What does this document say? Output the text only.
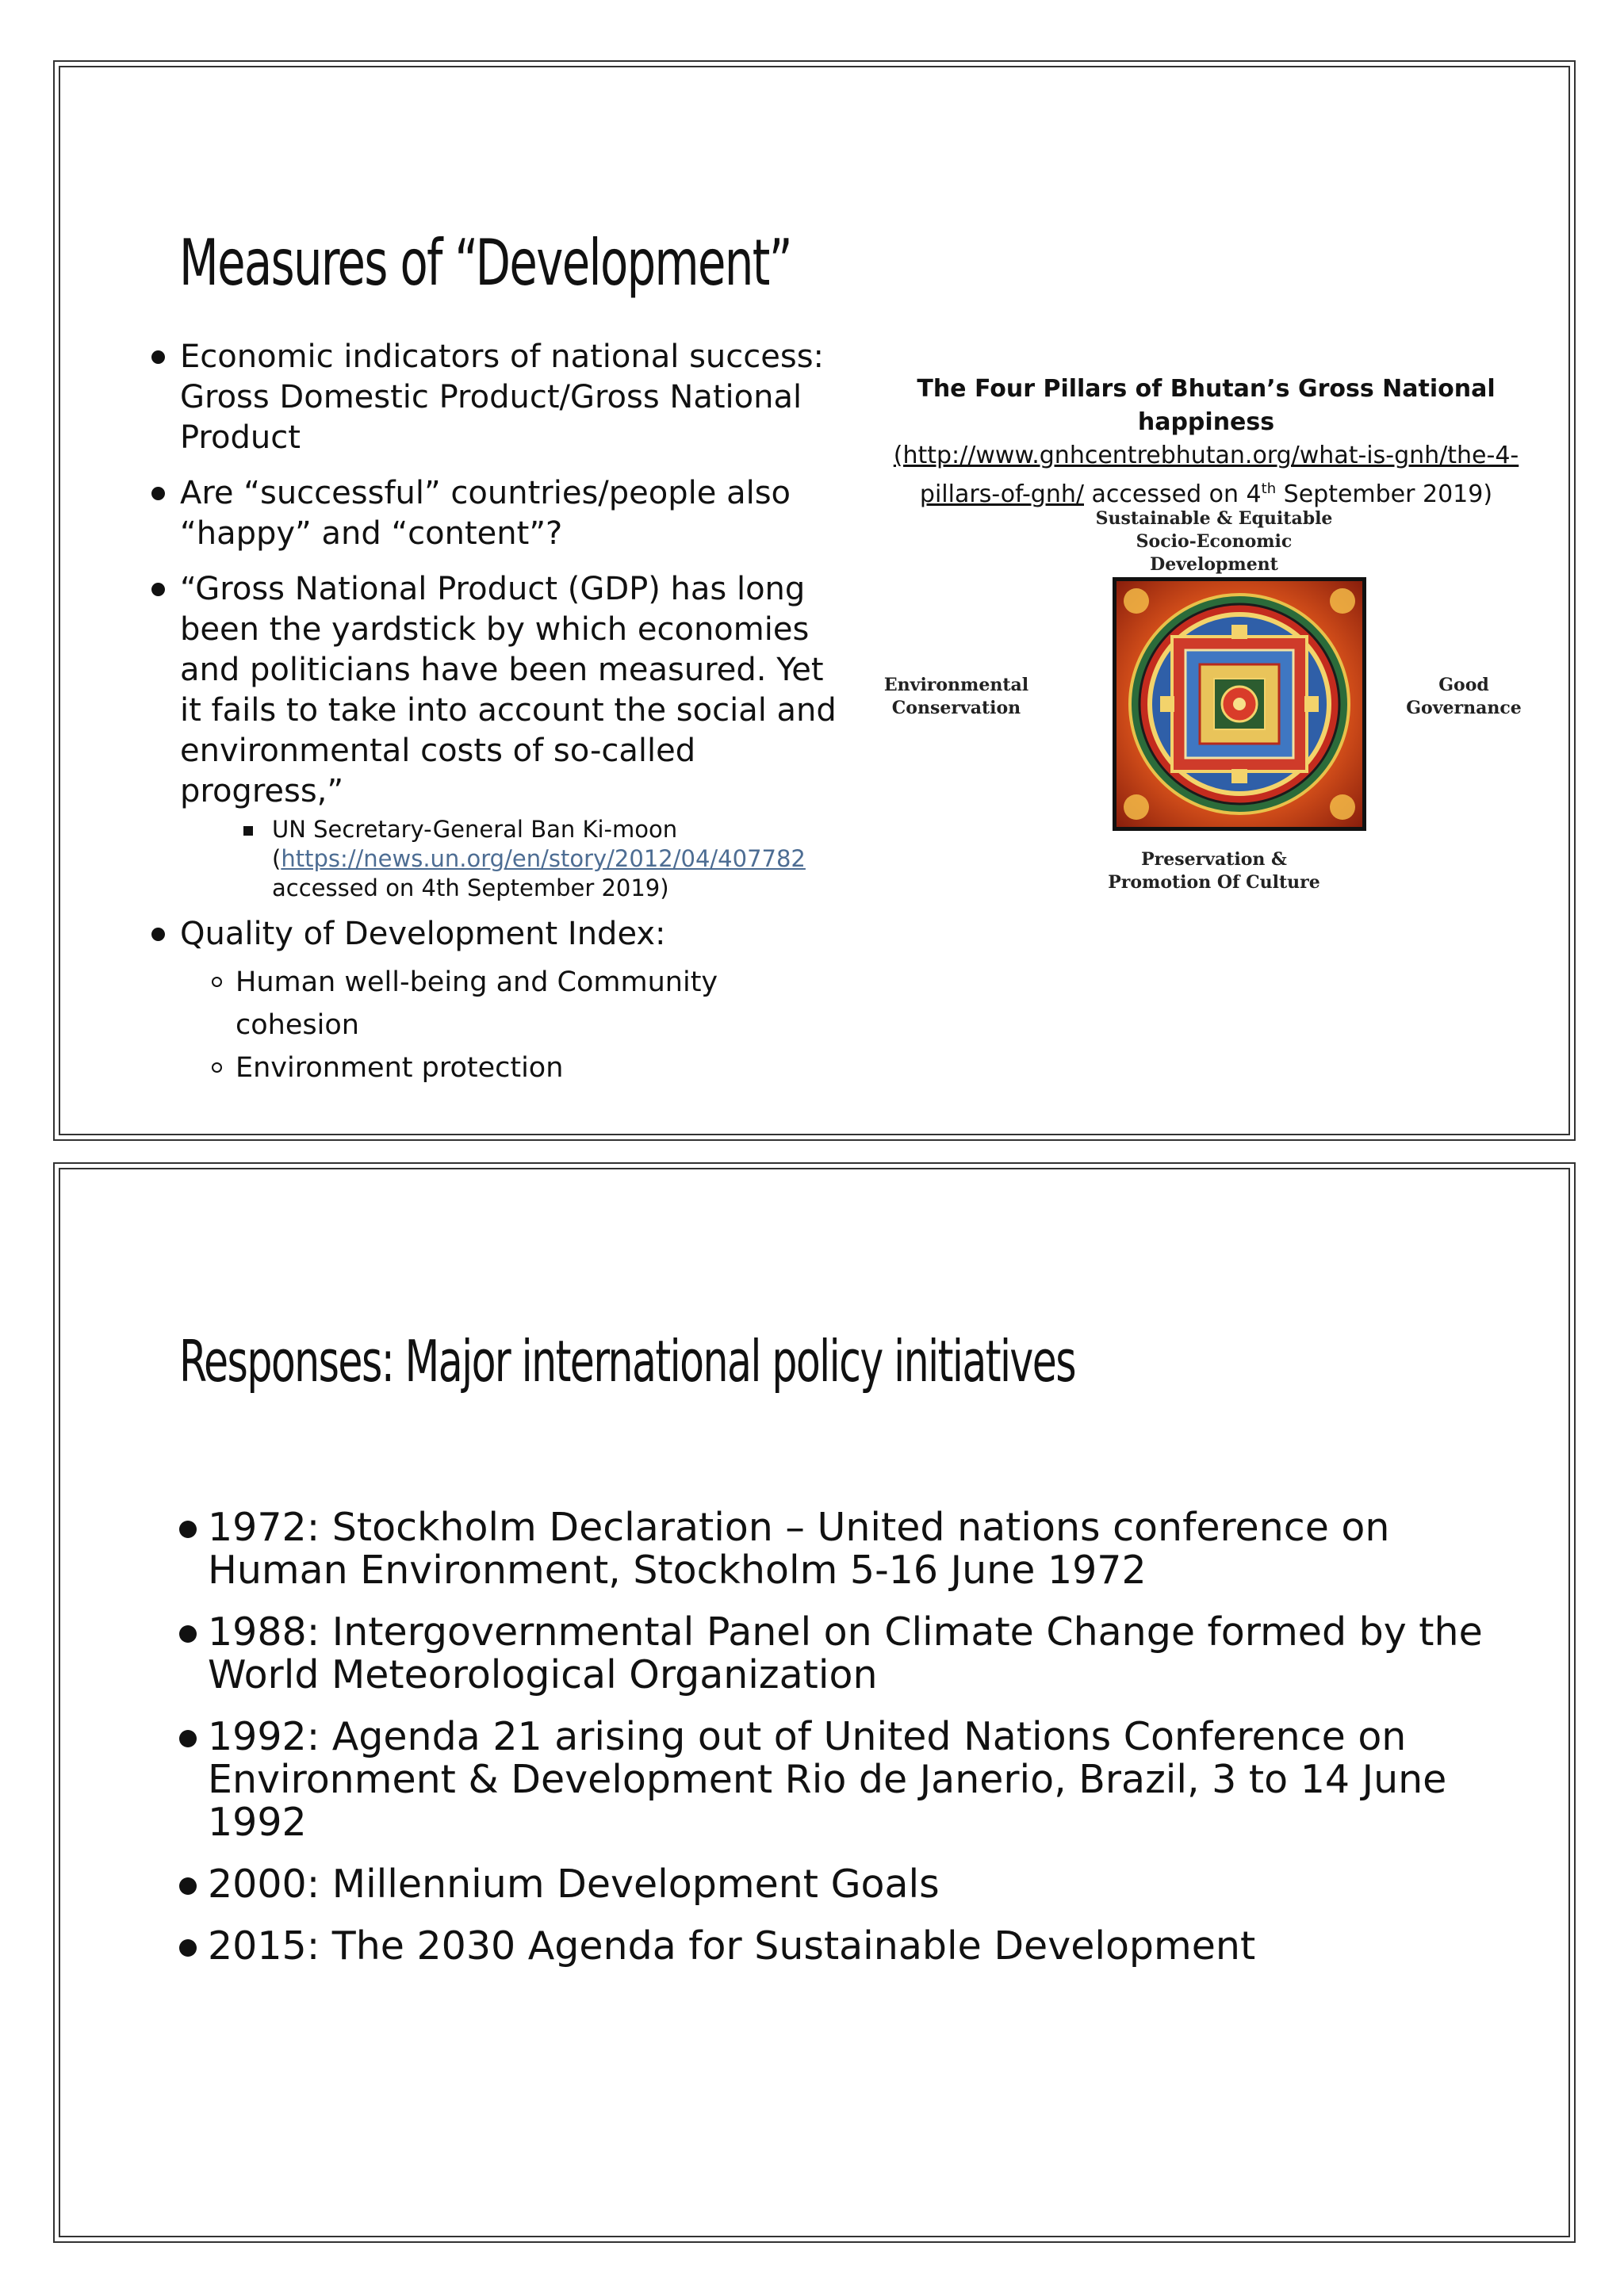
Measures of “Development”
Economic indicators of national success: Gross Domestic Product/Gross National Product
Are “successful” countries/people also “happy” and “content”?
“Gross National Product (GDP) has long been the yardstick by which economies and politicians have been measured. Yet it fails to take into account the social and environmental costs of so-called progress,”
UN Secretary-General Ban Ki-moon
(https://news.un.org/en/story/2012/04/407782
accessed on 4th September 2019)
Quality of Development Index:
Human well-being and Community cohesion
Environment protection

The Four Pillars of Bhutan’s Gross National happiness

(http://www.gnhcentrebhutan.org/what-is-gnh/the-4-pillars-of-gnh/ accessed on 4th September 2019)

Sustainable & Equitable Socio-Economic Development
Environmental Conservation
Good Governance
Preservation & Promotion Of Culture
Responses: Major international policy initiatives
1972: Stockholm Declaration – United nations conference on Human Environment, Stockholm 5-16 June 1972
1988: Intergovernmental Panel on Climate Change formed by the World Meteorological Organization
1992: Agenda 21 arising out of United Nations Conference on Environment & Development Rio de Janerio, Brazil, 3 to 14 June 1992
2000: Millennium Development Goals
2015: The 2030 Agenda for Sustainable Development
